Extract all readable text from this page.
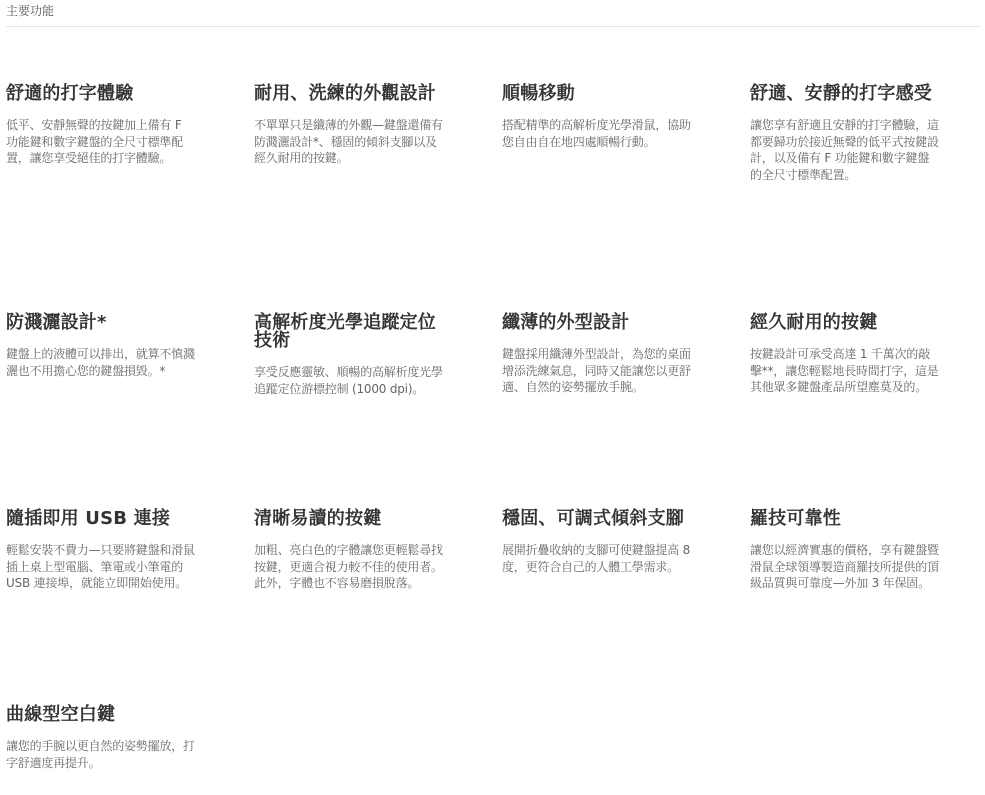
主要功能
舒適的打字體驗

低平、安靜無聲的按鍵加上備有 F 功能鍵和數字鍵盤的全尺寸標準配置，讓您享受絕佳的打字體驗。

耐用、洗練的外觀設計

不單單只是纖薄的外觀—鍵盤還備有防濺灑設計*、穩固的傾斜支腳以及經久耐用的按鍵。

順暢移動

搭配精準的高解析度光學滑鼠，協助您自由自在地四處順暢行動。

舒適、安靜的打字感受

讓您享有舒適且安靜的打字體驗，這都要歸功於接近無聲的低平式按鍵設計，以及備有 F 功能鍵和數字鍵盤的全尺寸標準配置。

防濺灑設計*

鍵盤上的液體可以排出，就算不慎濺灑也不用擔心您的鍵盤損毀。*

高解析度光學追蹤定位技術

享受反應靈敏、順暢的高解析度光學追蹤定位游標控制 (1000 dpi)。

纖薄的外型設計

鍵盤採用纖薄外型設計，為您的桌面增添洗練氣息，同時又能讓您以更舒適、自然的姿勢擺放手腕。

經久耐用的按鍵

按鍵設計可承受高達 1 千萬次的敲擊**，讓您輕鬆地長時間打字，這是其他眾多鍵盤產品所望塵莫及的。

隨插即用 USB 連接

輕鬆安裝不費力—只要將鍵盤和滑鼠插上桌上型電腦、筆電或小筆電的 USB 連接埠，就能立即開始使用。

清晰易讀的按鍵

加粗、亮白色的字體讓您更輕鬆尋找按鍵，更適合視力較不佳的使用者。此外，字體也不容易磨損脫落。

穩固、可調式傾斜支腳

展開折疊收納的支腳可使鍵盤提高 8 度，更符合自己的人體工學需求。

羅技可靠性

讓您以經濟實惠的價格，享有鍵盤暨滑鼠全球領導製造商羅技所提供的頂級品質與可靠度—外加 3 年保固。

曲線型空白鍵

讓您的手腕以更自然的姿勢擺放，打字舒適度再提升。
